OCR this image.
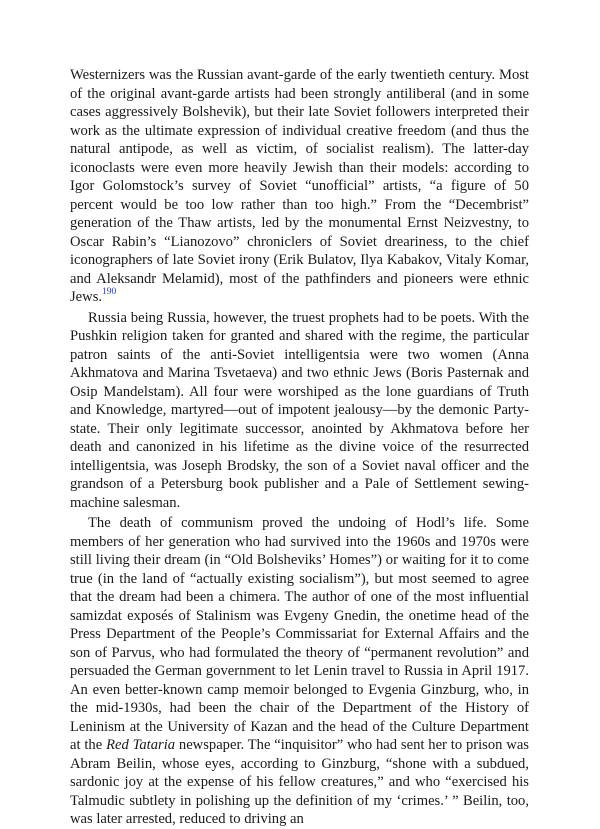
Westernizers was the Russian avant-garde of the early twentieth century. Most of the original avant-garde artists had been strongly antiliberal (and in some cases aggressively Bolshevik), but their late Soviet followers interpreted their work as the ultimate expression of individual creative freedom (and thus the natural antipode, as well as victim, of socialist realism). The latter-day iconoclasts were even more heavily Jewish than their models: according to Igor Golomstock’s survey of Soviet “unofficial” artists, “a figure of 50 percent would be too low rather than too high.” From the “Decembrist” generation of the Thaw artists, led by the monumental Ernst Neizvestny, to Oscar Rabin’s “Lianozovo” chroniclers of Soviet dreariness, to the chief iconographers of late Soviet irony (Erik Bulatov, Ilya Kabakov, Vitaly Komar, and Aleksandr Melamid), most of the pathfinders and pioneers were ethnic Jews.$^{190}$

Russia being Russia, however, the truest prophets had to be poets. With the Pushkin religion taken for granted and shared with the regime, the particular patron saints of the anti-Soviet intelligentsia were two women (Anna Akhmatova and Marina Tsvetaeva) and two ethnic Jews (Boris Pasternak and Osip Mandelstam). All four were worshiped as the lone guardians of Truth and Knowledge, martyred—out of impotent jealousy—by the demonic Party-state. Their only legitimate successor, anointed by Akhmatova before her death and canonized in his lifetime as the divine voice of the resurrected intelligentsia, was Joseph Brodsky, the son of a Soviet naval officer and the grandson of a Petersburg book publisher and a Pale of Settlement sewing-machine salesman.

The death of communism proved the undoing of Hodl’s life. Some members of her generation who had survived into the 1960s and 1970s were still living their dream (in “Old Bolsheviks’ Homes”) or waiting for it to come true (in the land of “actually existing socialism”), but most seemed to agree that the dream had been a chimera. The author of one of the most influential samizdat exposés of Stalinism was Evgeny Gnedin, the onetime head of the Press Department of the People’s Commissariat for External Affairs and the son of Parvus, who had formulated the theory of “permanent revolution” and persuaded the German government to let Lenin travel to Russia in April 1917. An even better-known camp memoir belonged to Evgenia Ginzburg, who, in the mid-1930s, had been the chair of the Department of the History of Leninism at the University of Kazan and the head of the Culture Department at the Red Tataria newspaper. The “inquisitor” who had sent her to prison was Abram Beilin, whose eyes, according to Ginzburg, “shone with a subdued, sardonic joy at the expense of his fellow creatures,” and who “exercised his Talmudic subtlety in polishing up the definition of my ‘crimes.’ ” Beilin, too, was later arrested, reduced to driving an
